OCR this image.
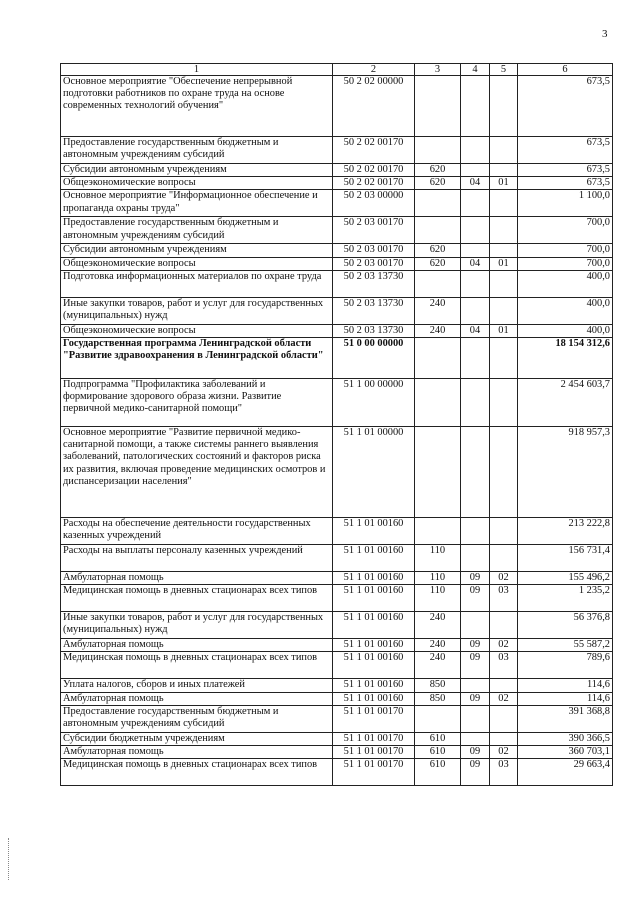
3
1	2	3	4	5	6
Основное мероприятие "Обеспечение непрерывной подготовки работников по охране труда на основе современных технологий обучения"	50 2 02 00000				673,5
Предоставление государственным бюджетным и автономным учреждениям субсидий	50 2 02 00170				673,5
Субсидии автономным учреждениям	50 2 02 00170	620			673,5
Общеэкономические вопросы	50 2 02 00170	620	04	01	673,5
Основное мероприятие "Информационное обеспечение и пропаганда охраны труда"	50 2 03 00000				1 100,0
Предоставление государственным бюджетным и автономным учреждениям субсидий	50 2 03 00170				700,0
Субсидии автономным учреждениям	50 2 03 00170	620			700,0
Общеэкономические вопросы	50 2 03 00170	620	04	01	700,0
Подготовка информационных материалов по охране труда	50 2 03 13730				400,0
Иные закупки товаров, работ и услуг для государственных (муниципальных) нужд	50 2 03 13730	240			400,0
Общеэкономические вопросы	50 2 03 13730	240	04	01	400,0
Государственная программа Ленинградской области "Развитие здравоохранения в Ленинградской области"	51 0 00 00000				18 154 312,6
Подпрограмма "Профилактика заболеваний и формирование здорового образа жизни. Развитие первичной медико-санитарной помощи"	51 1 00 00000				2 454 603,7
Основное мероприятие "Развитие первичной медико-санитарной помощи, а также системы раннего выявления заболеваний, патологических состояний и факторов риска их развития, включая проведение медицинских осмотров и диспансеризации населения"	51 1 01 00000				918 957,3
Расходы на обеспечение деятельности государственных казенных учреждений	51 1 01 00160				213 222,8
Расходы на выплаты персоналу казенных учреждений	51 1 01 00160	110			156 731,4
Амбулаторная помощь	51 1 01 00160	110	09	02	155 496,2
Медицинская помощь в дневных стационарах всех типов	51 1 01 00160	110	09	03	1 235,2
Иные закупки товаров, работ и услуг для государственных (муниципальных) нужд	51 1 01 00160	240			56 376,8
Амбулаторная помощь	51 1 01 00160	240	09	02	55 587,2
Медицинская помощь в дневных стационарах всех типов	51 1 01 00160	240	09	03	789,6
Уплата налогов, сборов и иных платежей	51 1 01 00160	850			114,6
Амбулаторная помощь	51 1 01 00160	850	09	02	114,6
Предоставление государственным бюджетным и автономным учреждениям субсидий	51 1 01 00170				391 368,8
Субсидии бюджетным учреждениям	51 1 01 00170	610			390 366,5
Амбулаторная помощь	51 1 01 00170	610	09	02	360 703,1
Медицинская помощь в дневных стационарах всех типов	51 1 01 00170	610	09	03	29 663,4
